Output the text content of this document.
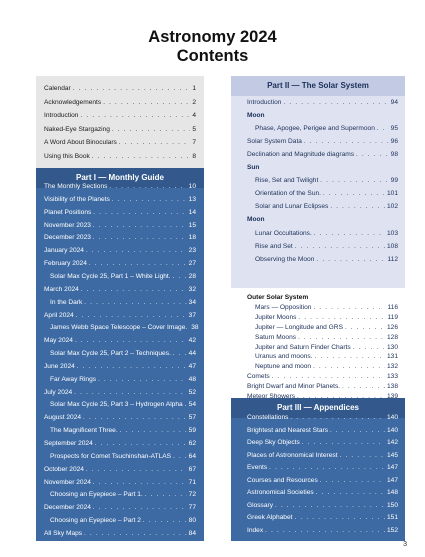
Astronomy 2024
Contents
Part I — Monthly Guide
Part II — The Solar System
Part III — Appendices
Calendar . . .	1
Acknowledgements . . .	2
Introduction . . .	4
Naked-Eye Stargazing . . .	5
A Word About Binoculars . . .	7
Using this Book . . .	8
The Monthly Sections . . .	10
Visibility of the Planets . . .	13
Planet Positions . . .	14
November 2023 . . .	15
December 2023 . . .	18
January 2024 . . .	23
February 2024 . . .	27
Solar Max Cycle 25, Part 1 – White Light. . . .	28
March 2024 . . .	32
In the Dark . . .	34
April 2024 . . .	37
James Webb Space Telescope – Cover Image. 38
May 2024 . . .	42
Solar Max Cycle 25, Part 2 – Techniques. . . .	44
June 2024 . . .	47
Far Away Rings . . .	48
July 2024 . . .	52
Solar Max Cycle 25, Part 3 – Hydrogen Alpha . . . 54
August 2024 . . .	57
The Magnificent Three. . . .	59
September 2024 . . .	62
Prospects for Comet Tsuchinshan-ATLAS . . .	64
October 2024 . . .	67
November 2024 . . .	71
Choosing an Eyepiece – Part 1. . . .	72
December 2024 . . .	77
Choosing an Eyepiece – Part 2 . . .	80
All Sky Maps . . .	84
Introduction . . .	94
Moon
Phase, Apogee, Perigee and Supermoon . . . 95
Solar System Data . . .	96
Declination and Magnitude diagrams . . .	98
Sun
Rise, Set and Twilight . . .	99
Orientation of the Sun. . . .	101
Solar and Lunar Eclipses . . .	102
Moon
Lunar Occultations. . . .	103
Rise and Set . . .	108
Observing the Moon . . .	112
Outer Solar System
Mars — Opposition . . .	116
Jupiter Moons . . .	119
Jupiter — Longitude and GRS . . .	126
Saturn Moons . . .	128
Jupiter and Saturn Finder Charts . . .	130
Uranus and moons. . . .	131
Neptune and moon . . .	132
Comets . . .	133
Bright Dwarf and Minor Planets. . . .	138
Meteor Showers . . .	139
Constellations . . .	140
Brightest and Nearest Stars . . .	140
Deep Sky Objects . . .	142
Places of Astronomical Interest . . .	145
Events . . .	147
Courses and Resources . . .	147
Astronomical Societies . . .	148
Glossary . . .	150
Greek Alphabet . . .	151
Index . . .	152
3
